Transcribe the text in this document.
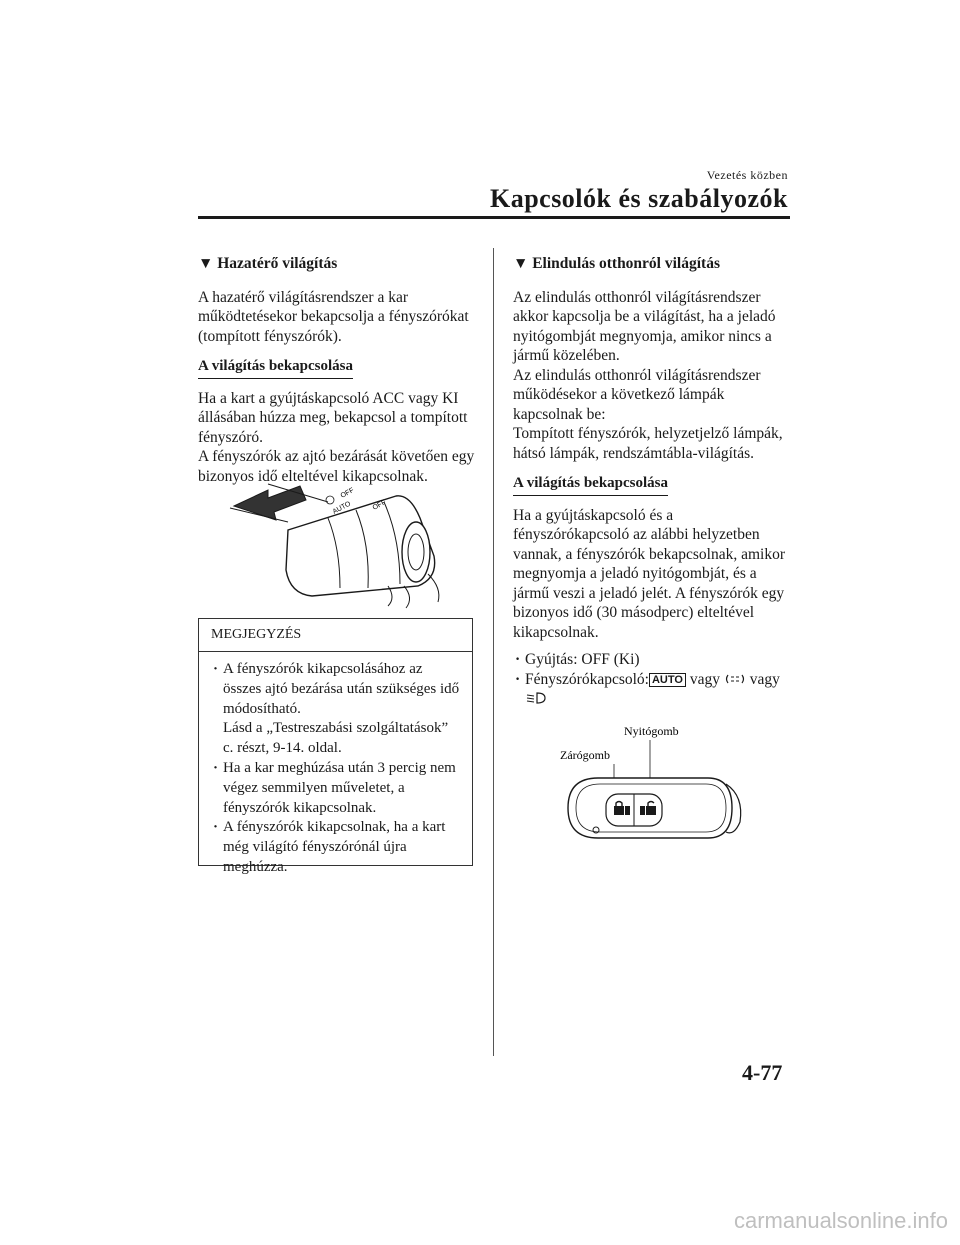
Vezetés közben
Kapcsolók és szabályozók

▼ Hazatérő világítás

A hazatérő világításrendszer a kar működtetésekor bekapcsolja a fényszórókat (tompított fényszórók).

A világítás bekapcsolása

Ha a kart a gyújtáskapcsoló ACC vagy KI állásában húzza meg, bekapcsol a tompított fényszóró.

A fényszórók az ajtó bezárását követően egy bizonyos idő elteltével kikapcsolnak.

AUTO
OFF
OFF
MEGJEGYZÉS
· A fényszórók kikapcsolásához az összes ajtó bezárása után szükséges idő módosítható.
Lásd a „Testreszabási szolgáltatások” c. részt, 9-14. oldal.
· Ha a kar meghúzása után 3 percig nem végez semmilyen műveletet, a fényszórók kikapcsolnak.
· A fényszórók kikapcsolnak, ha a kart még világító fényszórónál újra meghúzza.

▼ Elindulás otthonról világítás

Az elindulás otthonról világításrendszer akkor kapcsolja be a világítást, ha a jeladó nyitógombját megnyomja, amikor nincs a jármű közelében.

Az elindulás otthonról világításrendszer működésekor a következő lámpák kapcsolnak be:

Tompított fényszórók, helyzetjelző lámpák, hátsó lámpák, rendszámtábla-világítás.

A világítás bekapcsolása

Ha a gyújtáskapcsoló és a fényszórókapcsoló az alábbi helyzetben vannak, a fényszórók bekapcsolnak, amikor megnyomja a jeladó nyitógombját, és a jármű veszi a jeladó jelét. A fényszórók egy bizonyos idő (30 másodperc) elteltével kikapcsolnak.

· Gyújtás: OFF (Ki)
· Fényszórókapcsoló: AUTO vagy vagy

Nyitógomb
Zárógomb
4-77
carmanualsonline.info
